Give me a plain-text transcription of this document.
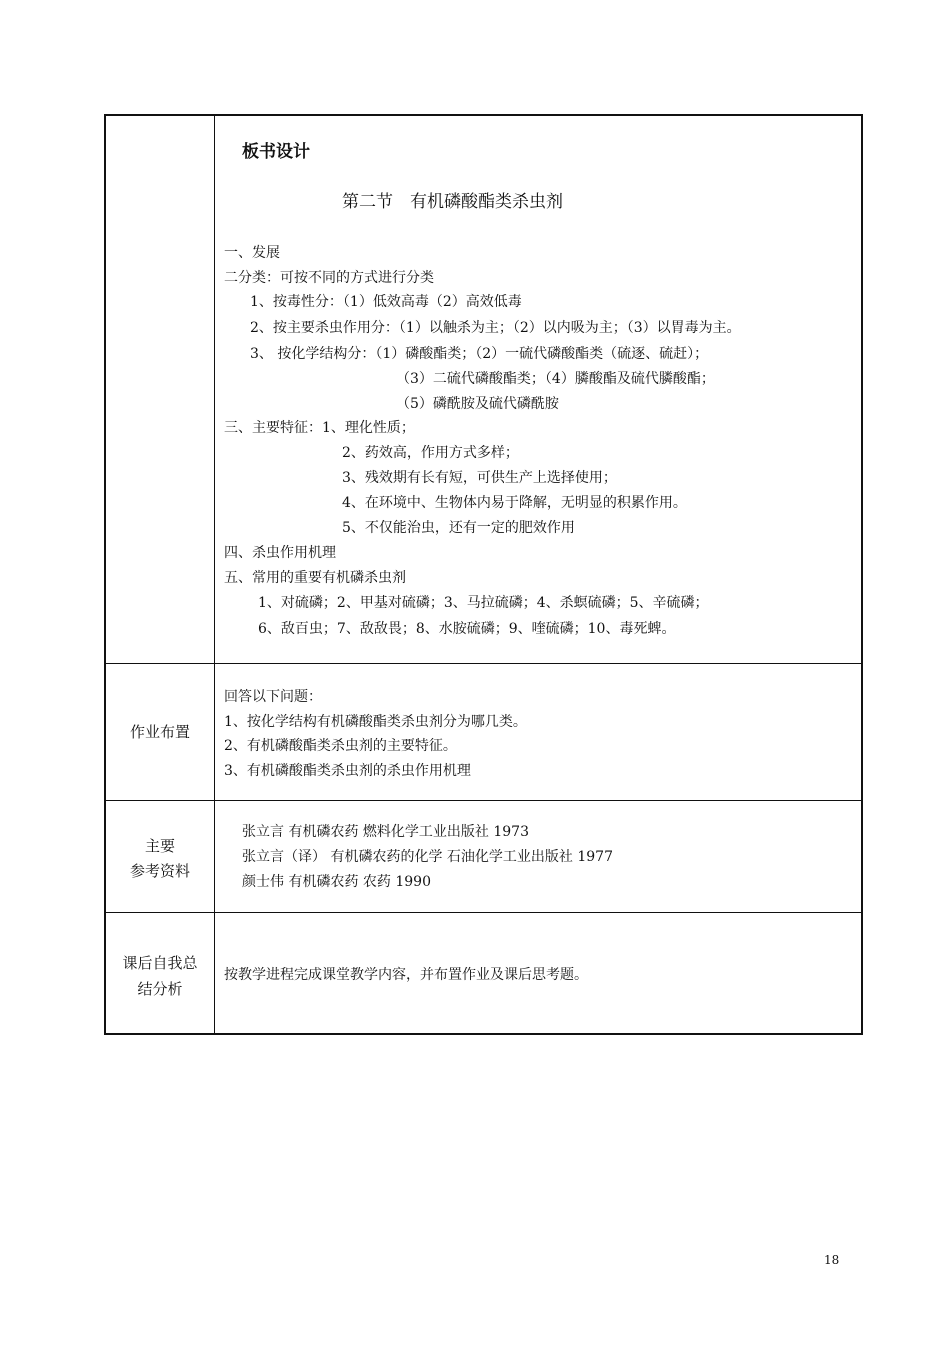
板书设计
第二节　有机磷酸酯类杀虫剂
一、发展
二分类：可按不同的方式进行分类
1、按毒性分：（1）低效高毒（2）高效低毒
2、按主要杀虫作用分：（1）以触杀为主；（2）以内吸为主；（3）以胃毒为主。
3、 按化学结构分：（1）磷酸酯类；（2）一硫代磷酸酯类（硫逐、硫赶）；
（3）二硫代磷酸酯类；（4）膦酸酯及硫代膦酸酯；
（5）磷酰胺及硫代磷酰胺
三、主要特征：1、理化性质；
2、药效高，作用方式多样；
3、残效期有长有短，可供生产上选择使用；
4、在环境中、生物体内易于降解，无明显的积累作用。
5、不仅能治虫，还有一定的肥效作用
四、杀虫作用机理
五、常用的重要有机磷杀虫剂
1、对硫磷；2、甲基对硫磷；3、马拉硫磷；4、杀螟硫磷；5、辛硫磷；
6、敌百虫；7、敌敌畏；8、水胺硫磷；9、喹硫磷；10、毒死蜱。
作业布置
回答以下问题：
1、按化学结构有机磷酸酯类杀虫剂分为哪几类。
2、有机磷酸酯类杀虫剂的主要特征。
3、有机磷酸酯类杀虫剂的杀虫作用机理
主要
参考资料
张立言 有机磷农药 燃料化学工业出版社 1973
张立言（译） 有机磷农药的化学 石油化学工业出版社 1977
颜士伟 有机磷农药 农药 1990
课后自我总
结分析
按教学进程完成课堂教学内容，并布置作业及课后思考题。
18
